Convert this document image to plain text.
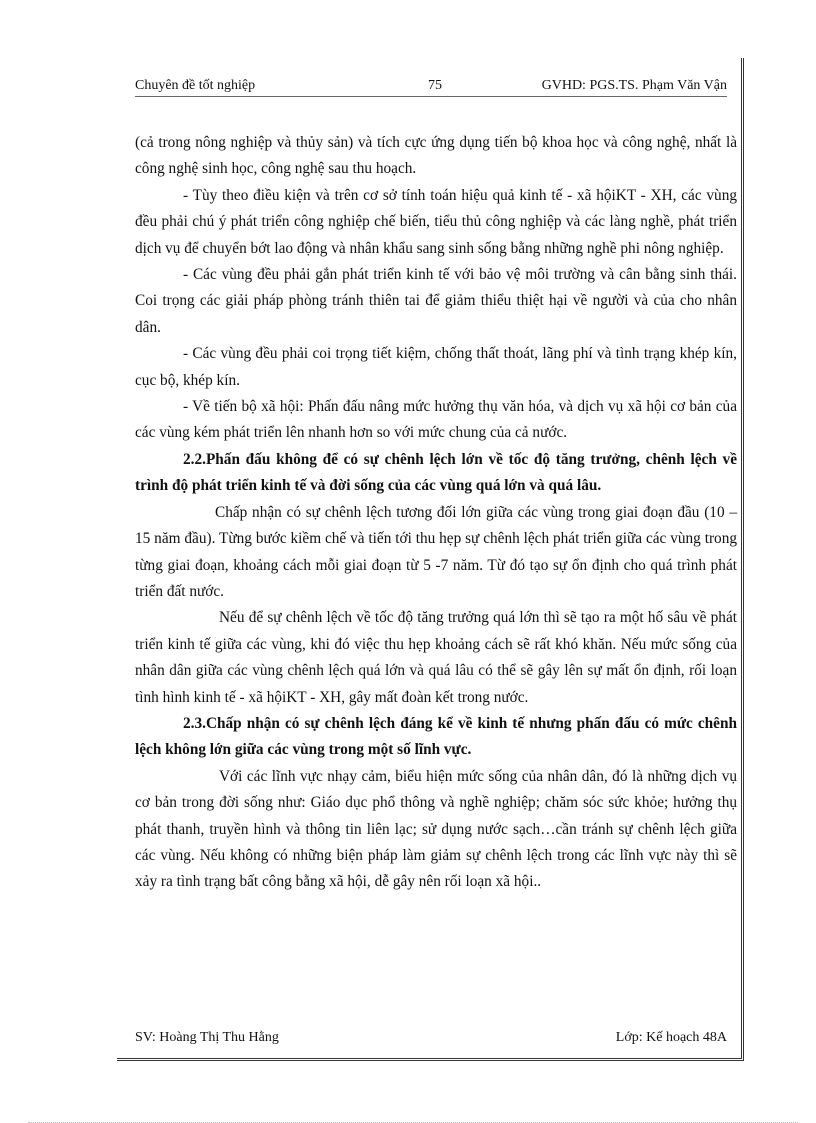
Chuyên đề tốt nghiệp	75	GVHD: PGS.TS. Phạm Văn Vận

(cả trong nông nghiệp và thủy sản) và tích cực ứng dụng tiến bộ khoa học và công nghệ, nhất là công nghệ sinh học, công nghệ sau thu hoạch.

- Tùy theo điều kiện và trên cơ sở tính toán hiệu quả kinh tế - xã hộiKT - XH, các vùng đều phải chú ý phát triển công nghiệp chế biến, tiểu thủ công nghiệp và các làng nghề, phát triển dịch vụ để chuyển bớt lao động và nhân khẩu sang sinh sống bằng những nghề phi nông nghiệp.

- Các vùng đều phải gắn phát triển kinh tế với bảo vệ môi trường và cân bằng sinh thái. Coi trọng các giải pháp phòng tránh thiên tai để giảm thiểu thiệt hại về người và của cho nhân dân.

- Các vùng đều phải coi trọng tiết kiệm, chống thất thoát, lãng phí và tình trạng khép kín, cục bộ, khép kín.

- Về tiến bộ xã hội: Phấn đấu nâng mức hưởng thụ văn hóa, và dịch vụ xã hội cơ bản của các vùng kém phát triển lên nhanh hơn so với mức chung của cả nước.

2.2.Phấn đấu không để có sự chênh lệch lớn về tốc độ tăng trưởng, chênh lệch về trình độ phát triển kinh tế và đời sống của các vùng quá lớn và quá lâu.

Chấp nhận có sự chênh lệch tương đối lớn giữa các vùng trong giai đoạn đầu (10 – 15 năm đầu). Từng bước kiềm chế và tiến tới thu hẹp sự chênh lệch phát triển giữa các vùng trong từng giai đoạn, khoảng cách mỗi giai đoạn từ 5 -7 năm. Từ đó tạo sự ổn định cho quá trình phát triển đất nước.

Nếu để sự chênh lệch về tốc độ tăng trưởng quá lớn thì sẽ tạo ra một hố sâu về phát triển kinh tế giữa các vùng, khi đó việc thu hẹp khoảng cách sẽ rất khó khăn. Nếu mức sống của nhân dân giữa các vùng chênh lệch quá lớn và quá lâu có thể sẽ gây lên sự mất ổn định, rối loạn tình hình kinh tế - xã hộiKT - XH, gây mất đoàn kết trong nước.

2.3.Chấp nhận có sự chênh lệch đáng kể về kinh tế nhưng phấn đấu có mức chênh lệch không lớn giữa các vùng trong một số lĩnh vực.

Với các lĩnh vực nhạy cảm, biểu hiện mức sống của nhân dân, đó là những dịch vụ cơ bản trong đời sống như: Giáo dục phổ thông và nghề nghiệp; chăm sóc sức khỏe; hưởng thụ phát thanh, truyền hình và thông tin liên lạc; sử dụng nước sạch…cần tránh sự chênh lệch giữa các vùng. Nếu không có những biện pháp làm giảm sự chênh lệch trong các lĩnh vực này thì sẽ xảy ra tình trạng bất công bằng xã hội, dễ gây nên rối loạn xã hội..

SV: Hoàng Thị Thu Hằng	Lớp: Kế hoạch 48A
